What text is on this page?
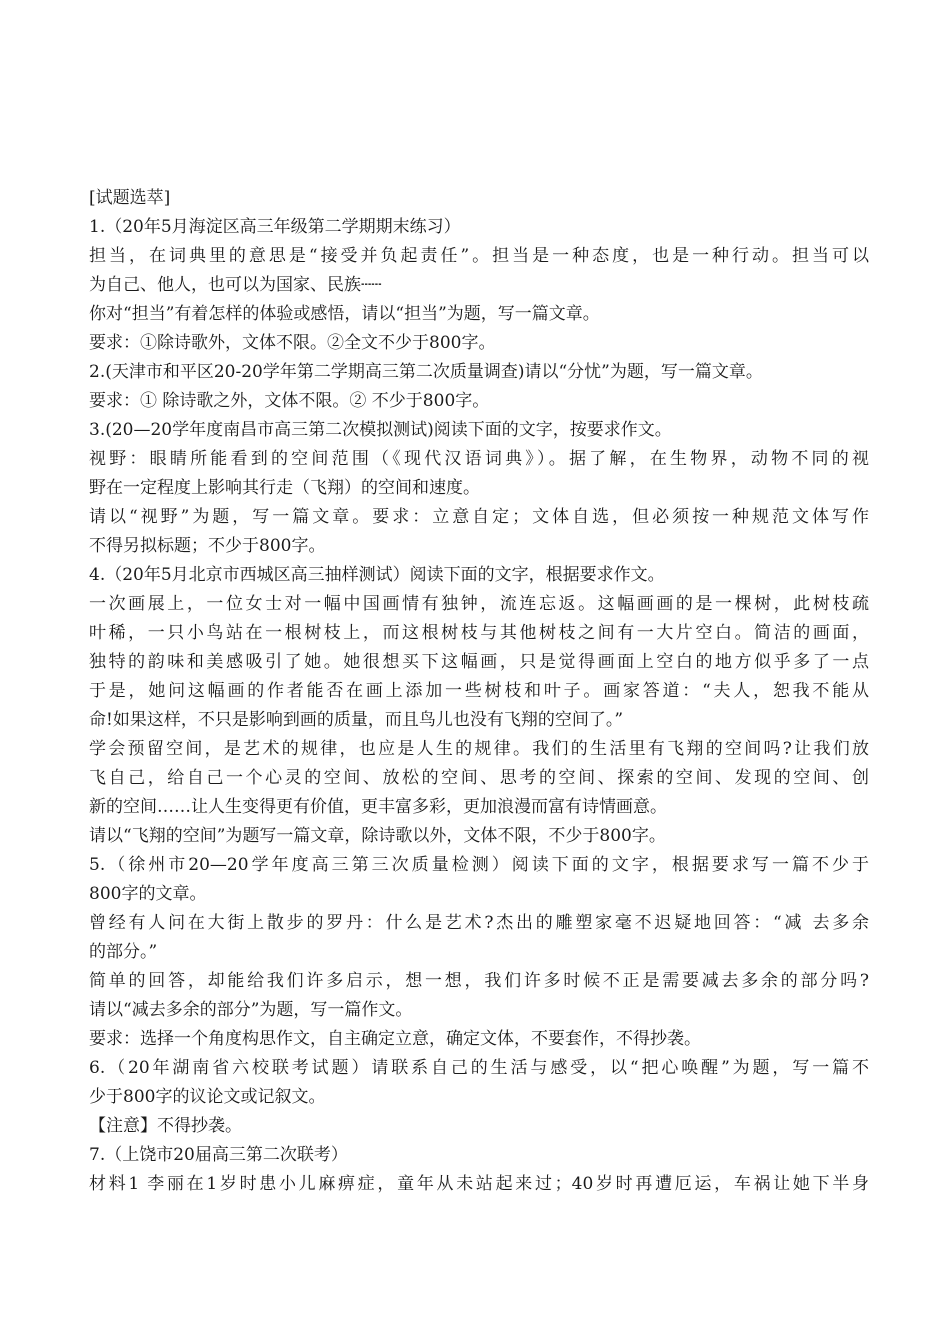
[试题选萃]
1.（20年5月海淀区高三年级第二学期期末练习）
担当，在词典里的意思是“接受并负起责任”。担当是一种态度，也是一种行动。担当可以
为自己、他人，也可以为国家、民族┄┄
你对“担当”有着怎样的体验或感悟，请以“担当”为题，写一篇文章。
要求：①除诗歌外，文体不限。②全文不少于800字。
2.(天津市和平区20-20学年第二学期高三第二次质量调查)请以“分忧”为题，写一篇文章。
要求：① 除诗歌之外，文体不限。② 不少于800字。
3.(20—20学年度南昌市高三第二次模拟测试)阅读下面的文字，按要求作文。
视野：眼睛所能看到的空间范围（《现代汉语词典》）。据了解，在生物界，动物不同的视
野在一定程度上影响其行走（飞翔）的空间和速度。
请以“视野”为题，写一篇文章。要求：立意自定；文体自选，但必须按一种规范文体写作
不得另拟标题；不少于800字。
4.（20年5月北京市西城区高三抽样测试）阅读下面的文字，根据要求作文。
一次画展上，一位女士对一幅中国画情有独钟，流连忘返。这幅画画的是一棵树，此树枝疏
叶稀，一只小鸟站在一根树枝上，而这根树枝与其他树枝之间有一大片空白。简洁的画面，
独特的韵味和美感吸引了她。她很想买下这幅画，只是觉得画面上空白的地方似乎多了一点
于是，她问这幅画的作者能否在画上添加一些树枝和叶子。画家答道：“夫人，恕我不能从
命!如果这样，不只是影响到画的质量，而且鸟儿也没有飞翔的空间了。”
学会预留空间，是艺术的规律，也应是人生的规律。我们的生活里有飞翔的空间吗?让我们放
飞自己，给自己一个心灵的空间、放松的空间、思考的空间、探索的空间、发现的空间、创
新的空间……让人生变得更有价值，更丰富多彩，更加浪漫而富有诗情画意。
请以“飞翔的空间”为题写一篇文章，除诗歌以外，文体不限，不少于800字。
5.（徐州市20—20学年度高三第三次质量检测）阅读下面的文字，根据要求写一篇不少于
800字的文章。
曾经有人问在大街上散步的罗丹：什么是艺术?杰出的雕塑家毫不迟疑地回答：“减 去多余
的部分。”
简单的回答，却能给我们许多启示，想一想，我们许多时候不正是需要减去多余的部分吗?
请以“减去多余的部分”为题，写一篇作文。
要求：选择一个角度构思作文，自主确定立意，确定文体，不要套作，不得抄袭。
6.（20年湖南省六校联考试题）请联系自己的生活与感受，以“把心唤醒”为题，写一篇不
少于800字的议论文或记叙文。
【注意】不得抄袭。
7.（上饶市20届高三第二次联考）
材料1 李丽在1岁时患小儿麻痹症，童年从未站起来过；40岁时再遭厄运，车祸让她下半身
